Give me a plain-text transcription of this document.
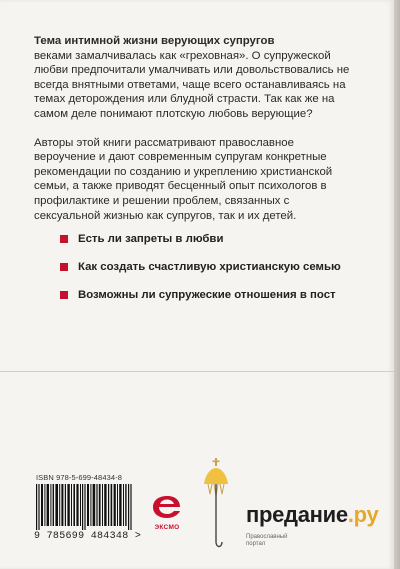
Тема интимной жизни верующих супругов
веками замалчивалась как «греховная». О супружеской любви предпочитали умалчивать или довольствовались не всегда внятными ответами, чаще всего останавливаясь на темах деторождения или блудной страсти. Так как же на самом деле понимают плотскую любовь верующие?

Авторы этой книги рассматривают православное вероучение и дают современным супругам конкретные рекомендации по созданию и укреплению христианской семьи, а также приводят бесценный опыт психологов в профилактике и решении проблем, связанных с сексуальной жизнью как супругов, так и их детей.

Есть ли запреты в любви
Как создать счастливую христианскую семью
Возможны ли супружеские отношения в пост
ISBN 978-5-699-48434-8
9 785699 484348 >
ЭКСМО
предание.ру
Православный портал
